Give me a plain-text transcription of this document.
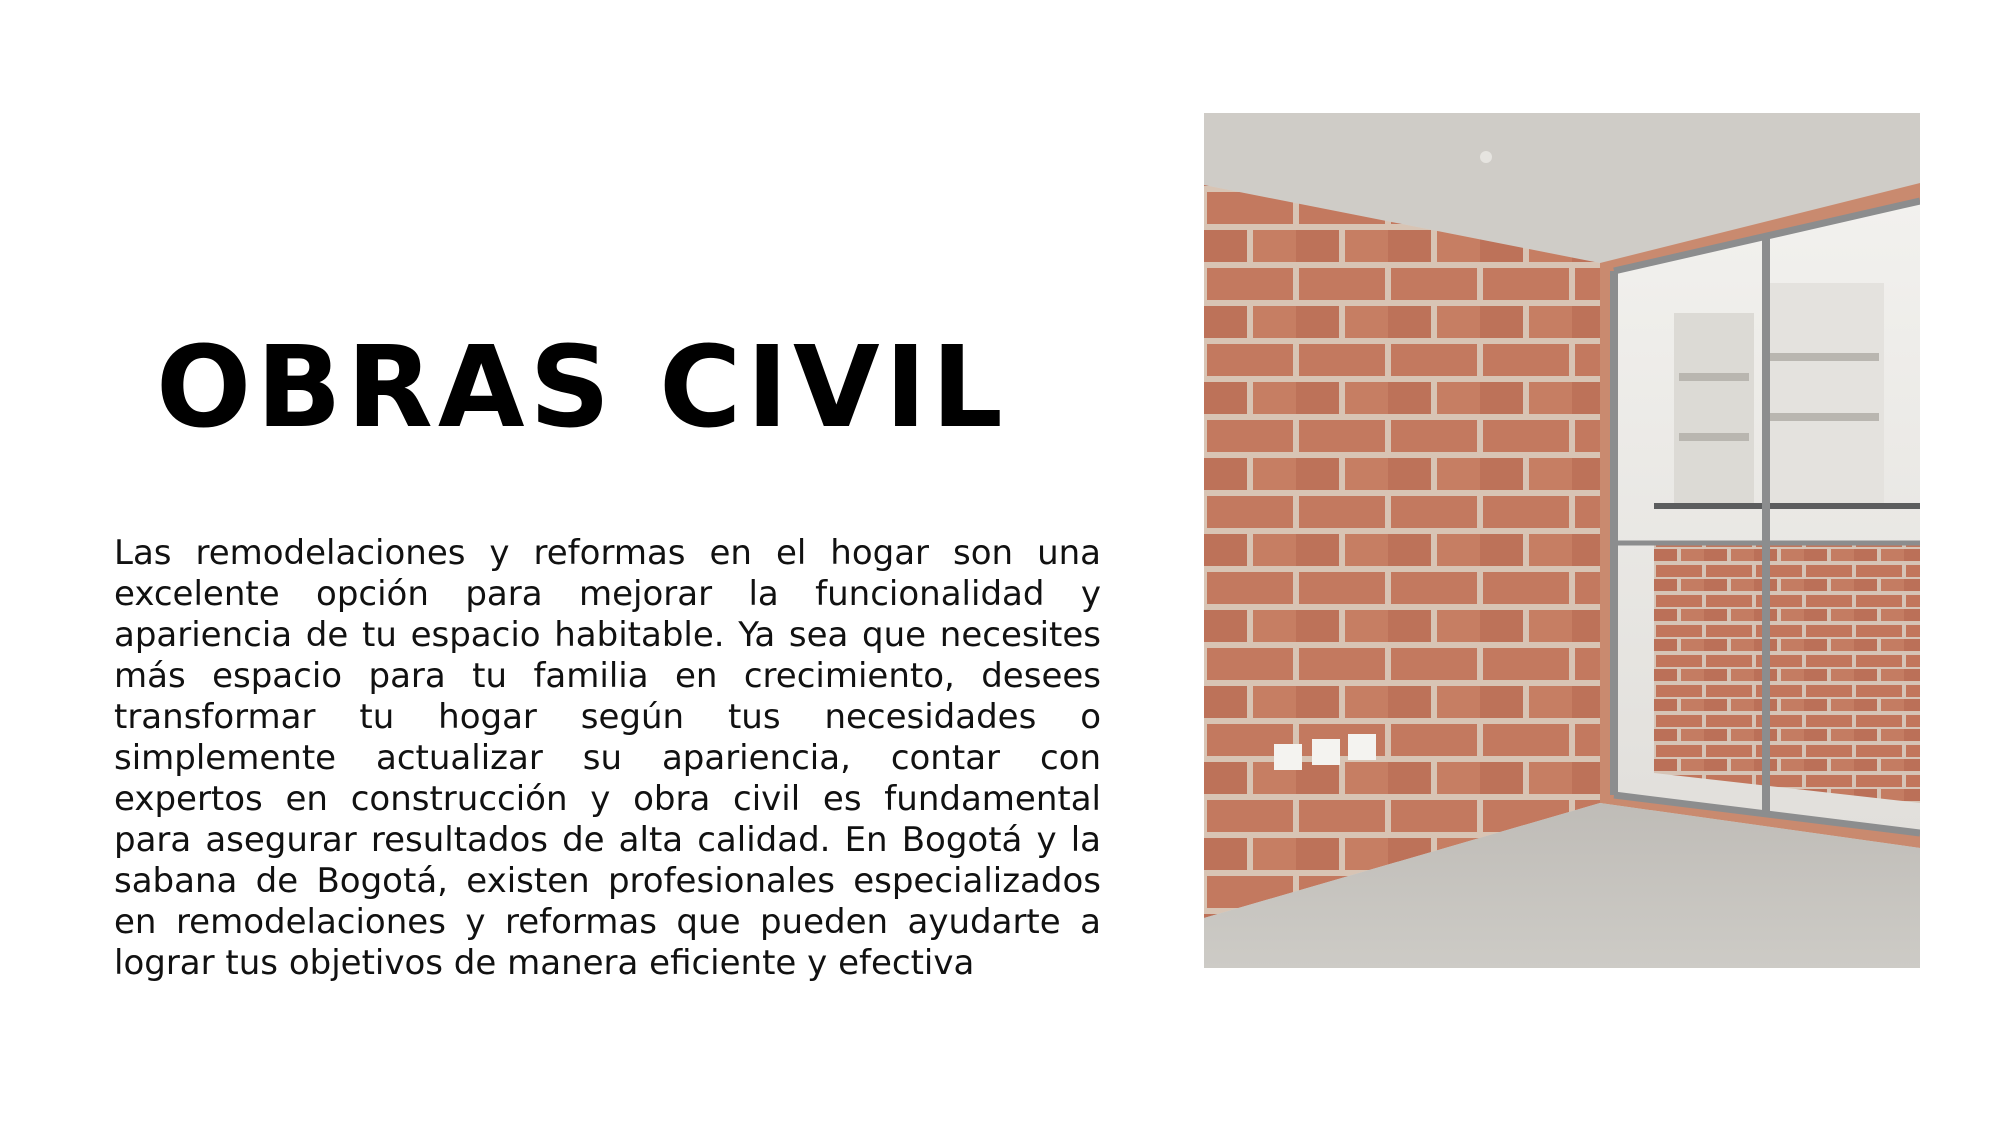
OBRAS CIVIL

Las remodelaciones y reformas en el hogar son una excelente opción para mejorar la funcionalidad y apariencia de tu espacio habitable. Ya sea que necesites más espacio para tu familia en crecimiento, desees transformar tu hogar según tus necesidades o simplemente actualizar su apariencia, contar con expertos en construcción y obra civil es fundamental para asegurar resultados de alta calidad. En Bogotá y la sabana de Bogotá, existen profesionales especializados en remodelaciones y reformas que pueden ayudarte a lograr tus objetivos de manera eficiente y efectiva
